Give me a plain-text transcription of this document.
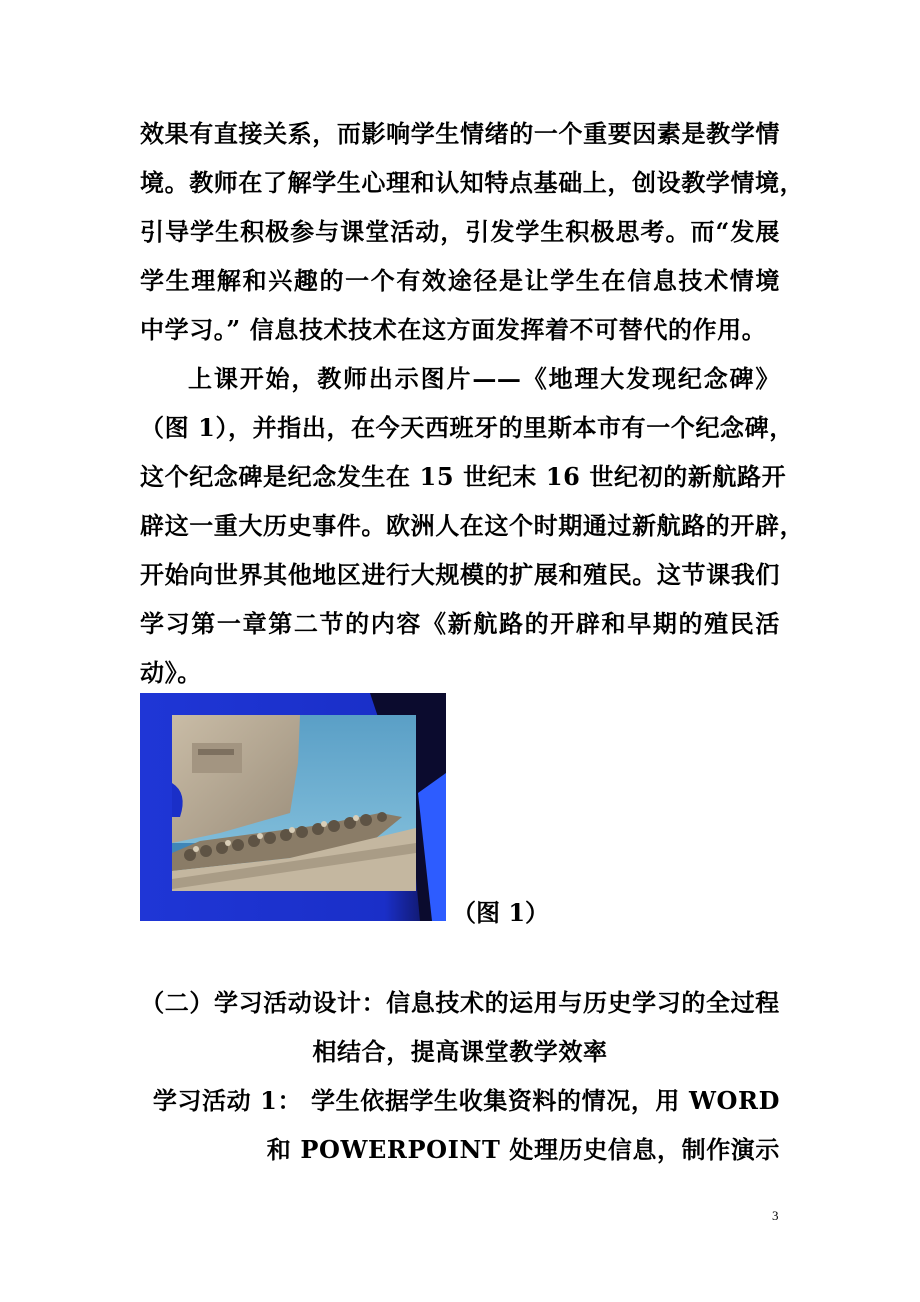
效果有直接关系，而影响学生情绪的一个重要因素是教学情
境。教师在了解学生心理和认知特点基础上，创设教学情境，
引导学生积极参与课堂活动，引发学生积极思考。而“发展
学生理解和兴趣的一个有效途径是让学生在信息技术情境
中学习。” 信息技术技术在这方面发挥着不可替代的作用。
上课开始，教师出示图片——《地理大发现纪念碑》
（图 1），并指出，在今天西班牙的里斯本市有一个纪念碑，
这个纪念碑是纪念发生在 15 世纪末 16 世纪初的新航路开
辟这一重大历史事件。欧洲人在这个时期通过新航路的开辟，
开始向世界其他地区进行大规模的扩展和殖民。这节课我们
学习第一章第二节的内容《新航路的开辟和早期的殖民活
动》。
（图 1）
（二）学习活动设计：信息技术的运用与历史学习的全过程
相结合，提高课堂教学效率
学习活动 1： 学生依据学生收集资料的情况，用 WORD
和 POWERPOINT 处理历史信息，制作演示
3
